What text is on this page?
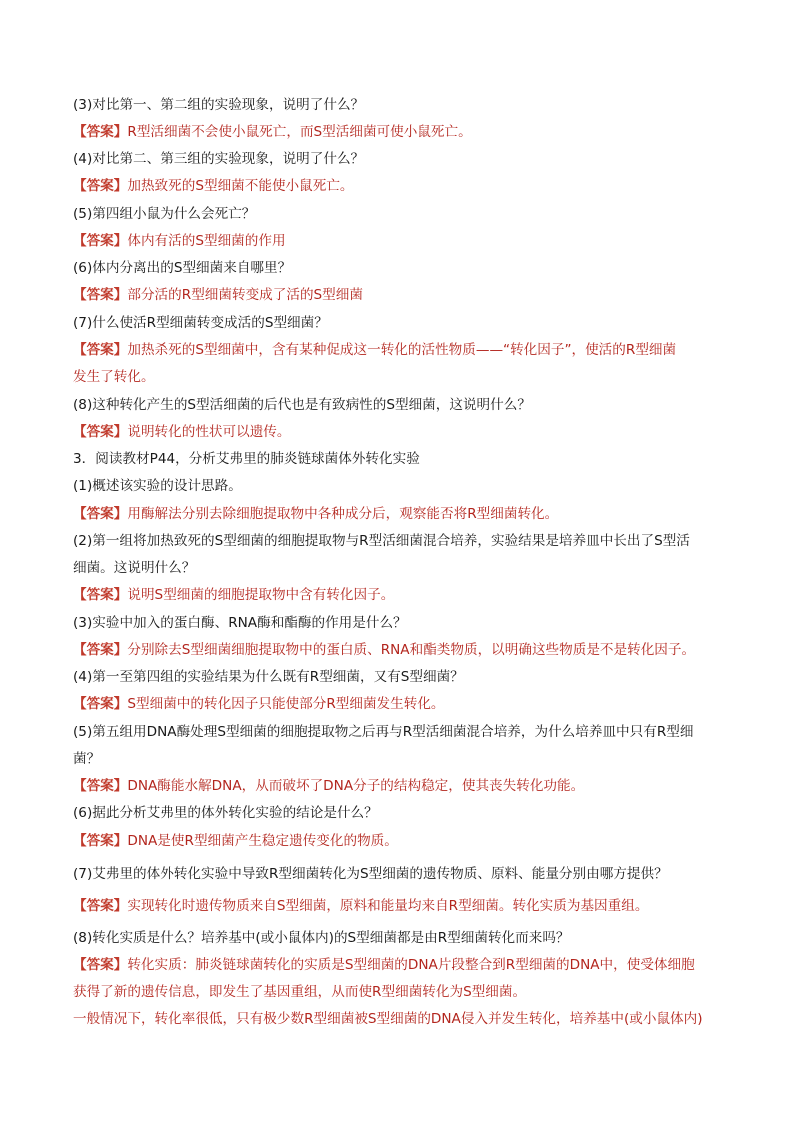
(3)对比第一、第二组的实验现象，说明了什么？
【答案】R型活细菌不会使小鼠死亡，而S型活细菌可使小鼠死亡。
(4)对比第二、第三组的实验现象，说明了什么？
【答案】加热致死的S型细菌不能使小鼠死亡。
(5)第四组小鼠为什么会死亡？
【答案】体内有活的S型细菌的作用
(6)体内分离出的S型细菌来自哪里？
【答案】部分活的R型细菌转变成了活的S型细菌
(7)什么使活R型细菌转变成活的S型细菌？
【答案】加热杀死的S型细菌中，含有某种促成这一转化的活性物质——“转化因子”，使活的R型细菌
发生了转化。
(8)这种转化产生的S型活细菌的后代也是有致病性的S型细菌，这说明什么？
【答案】说明转化的性状可以遗传。
3．阅读教材P44，分析艾弗里的肺炎链球菌体外转化实验
(1)概述该实验的设计思路。
【答案】用酶解法分别去除细胞提取物中各种成分后，观察能否将R型细菌转化。
(2)第一组将加热致死的S型细菌的细胞提取物与R型活细菌混合培养，实验结果是培养皿中长出了S型活
细菌。这说明什么？
【答案】说明S型细菌的细胞提取物中含有转化因子。
(3)实验中加入的蛋白酶、RNA酶和酯酶的作用是什么？
【答案】分别除去S型细菌细胞提取物中的蛋白质、RNA和酯类物质，以明确这些物质是不是转化因子。
(4)第一至第四组的实验结果为什么既有R型细菌，又有S型细菌？
【答案】S型细菌中的转化因子只能使部分R型细菌发生转化。
(5)第五组用DNA酶处理S型细菌的细胞提取物之后再与R型活细菌混合培养，为什么培养皿中只有R型细
菌？
【答案】DNA酶能水解DNA，从而破坏了DNA分子的结构稳定，使其丧失转化功能。
(6)据此分析艾弗里的体外转化实验的结论是什么？
【答案】DNA是使R型细菌产生稳定遗传变化的物质。
(7)艾弗里的体外转化实验中导致R型细菌转化为S型细菌的遗传物质、原料、能量分别由哪方提供？
【答案】实现转化时遗传物质来自S型细菌，原料和能量均来自R型细菌。转化实质为基因重组。
(8)转化实质是什么？培养基中(或小鼠体内)的S型细菌都是由R型细菌转化而来吗？
【答案】转化实质：肺炎链球菌转化的实质是S型细菌的DNA片段整合到R型细菌的DNA中，使受体细胞
获得了新的遗传信息，即发生了基因重组，从而使R型细菌转化为S型细菌。
一般情况下，转化率很低，只有极少数R型细菌被S型细菌的DNA侵入并发生转化，培养基中(或小鼠体内)
